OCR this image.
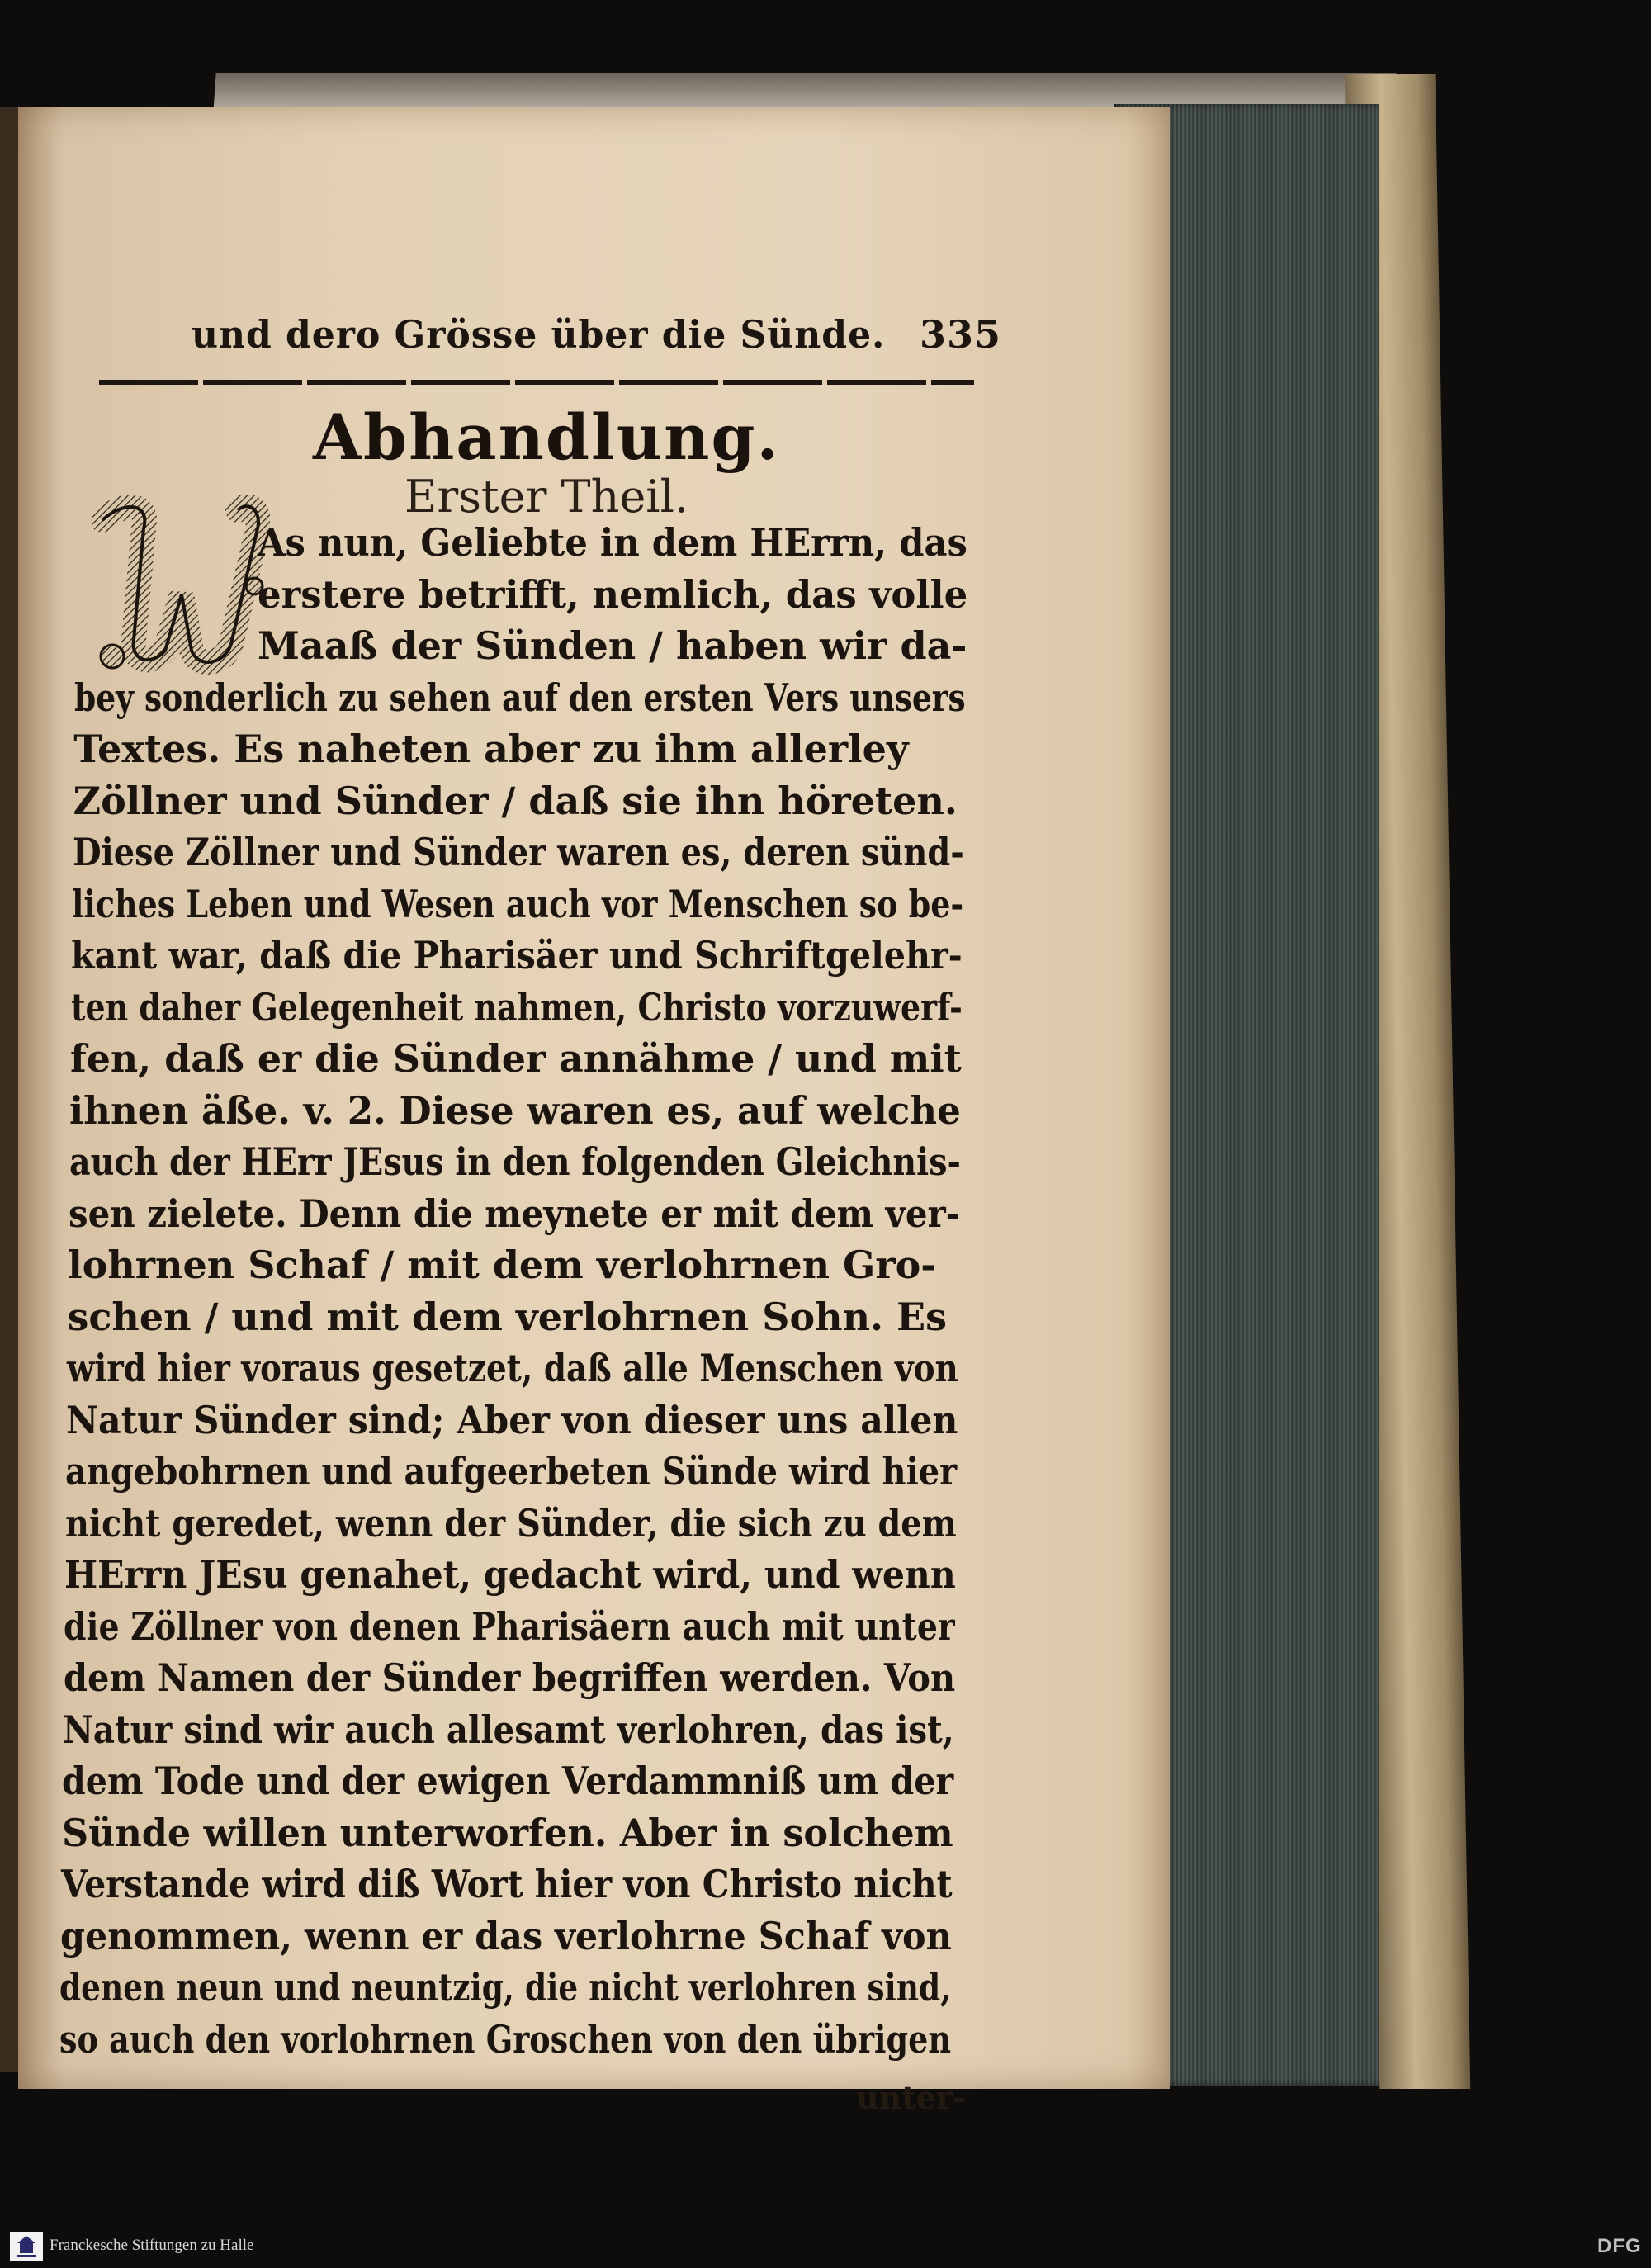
und dero Grösse über die Sünde. 335
Abhandlung.
Erster Theil.
As nun, Geliebte in dem HErrn, das
erstere betrifft, nemlich, das volle
Maaß der Sünden / haben wir da-
bey sonderlich zu sehen auf den ersten Vers unsers
Textes. Es naheten aber zu ihm allerley
Zöllner und Sünder / daß sie ihn höreten.
Diese Zöllner und Sünder waren es, deren sünd-
liches Leben und Wesen auch vor Menschen so be-
kant war, daß die Pharisäer und Schriftgelehr-
ten daher Gelegenheit nahmen, Christo vorzuwerf-
fen, daß er die Sünder annähme / und mit
ihnen äße. v. 2. Diese waren es, auf welche
auch der HErr JEsus in den folgenden Gleichnis-
sen zielete. Denn die meynete er mit dem ver-
lohrnen Schaf / mit dem verlohrnen Gro-
schen / und mit dem verlohrnen Sohn. Es
wird hier voraus gesetzet, daß alle Menschen von
Natur Sünder sind; Aber von dieser uns allen
angebohrnen und aufgeerbeten Sünde wird hier
nicht geredet, wenn der Sünder, die sich zu dem
HErrn JEsu genahet, gedacht wird, und wenn
die Zöllner von denen Pharisäern auch mit unter
dem Namen der Sünder begriffen werden. Von
Natur sind wir auch allesamt verlohren, das ist,
dem Tode und der ewigen Verdammniß um der
Sünde willen unterworfen. Aber in solchem
Verstande wird diß Wort hier von Christo nicht
genommen, wenn er das verlohrne Schaf von
denen neun und neuntzig, die nicht verlohren sind,
so auch den vorlohrnen Groschen von den übrigen
unter-
Franckesche Stiftungen zu Halle	DFG
